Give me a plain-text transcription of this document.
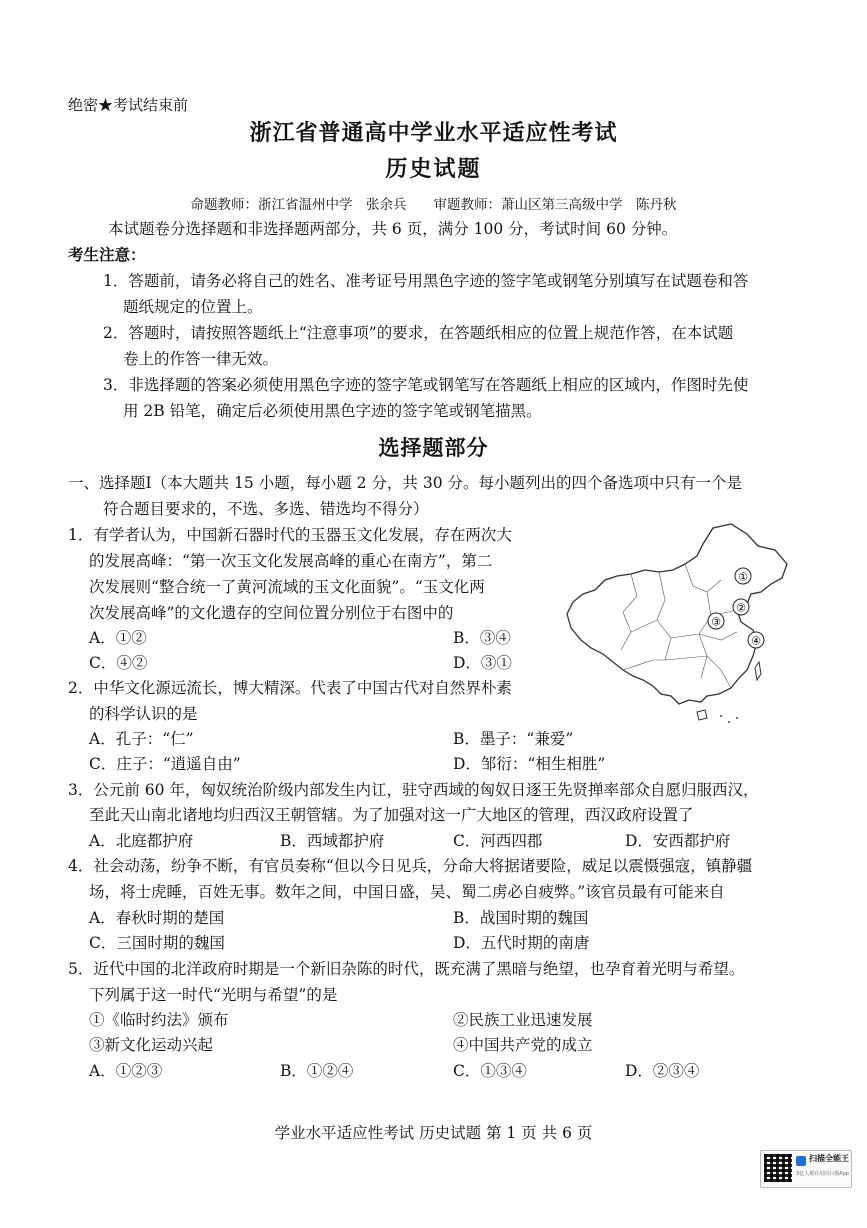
绝密★考试结束前
浙江省普通高中学业水平适应性考试
历史试题
命题教师：浙江省温州中学　张余兵　　审题教师：萧山区第三高级中学　陈丹秋
本试题卷分选择题和非选择题两部分，共 6 页，满分 100 分，考试时间 60 分钟。
考生注意：
1．答题前，请务必将自己的姓名、准考证号用黑色字迹的签字笔或钢笔分别填写在试题卷和答
题纸规定的位置上。
2．答题时，请按照答题纸上“注意事项”的要求，在答题纸相应的位置上规范作答，在本试题
卷上的作答一律无效。
3．非选择题的答案必须使用黑色字迹的签字笔或钢笔写在答题纸上相应的区域内，作图时先使
用 2B 铅笔，确定后必须使用黑色字迹的签字笔或钢笔描黑。
选择题部分
一、选择题Ⅰ（本大题共 15 小题，每小题 2 分，共 30 分。每小题列出的四个备选项中只有一个是
符合题目要求的，不选、多选、错选均不得分）
1．有学者认为，中国新石器时代的玉器玉文化发展，存在两次大
的发展高峰：“第一次玉文化发展高峰的重心在南方”，第二
次发展则“整合统一了黄河流域的玉文化面貌”。“玉文化两
次发展高峰”的文化遗存的空间位置分别位于右图中的
A．①②	B．③④
C．④②	D．③①
①
②
③
④
2．中华文化源远流长，博大精深。代表了中国古代对自然界朴素
的科学认识的是
A．孔子：“仁”	B．墨子：“兼爱”
C．庄子：“逍遥自由”	D．邹衍：“相生相胜”
3．公元前 60 年，匈奴统治阶级内部发生内讧，驻守西域的匈奴日逐王先贤掸率部众自愿归服西汉，
至此天山南北诸地均归西汉王朝管辖。为了加强对这一广大地区的管理，西汉政府设置了
A．北庭都护府	B．西域都护府	C．河西四郡	D．安西都护府
4．社会动荡，纷争不断，有官员奏称“但以今日见兵，分命大将据诸要险，威足以震慑强寇，镇静疆
场，将士虎睡，百姓无事。数年之间，中国日盛，吴、蜀二虏必自疲弊。”该官员最有可能来自
A．春秋时期的楚国	B．战国时期的魏国
C．三国时期的魏国	D．五代时期的南唐
5．近代中国的北洋政府时期是一个新旧杂陈的时代，既充满了黑暗与绝望，也孕育着光明与希望。
下列属于这一时代“光明与希望”的是
①《临时约法》颁布	②民族工业迅速发展
③新文化运动兴起	④中国共产党的成立
A．①②③	B．①②④	C．①③④	D．②③④
学业水平适应性考试 历史试题 第 1 页 共 6 页
扫描全能王
3亿人都在用的扫描App
